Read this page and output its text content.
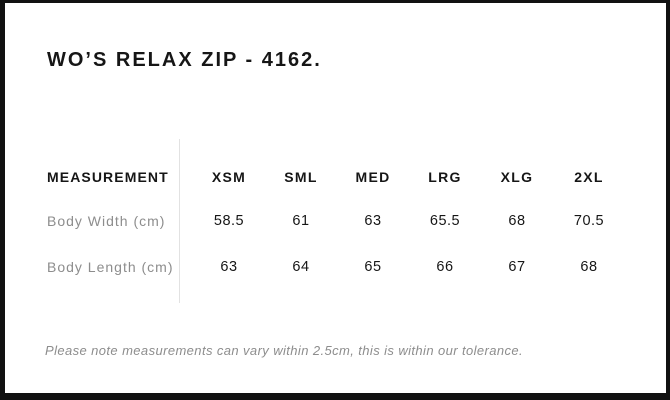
WO’S RELAX ZIP - 4162.
MEASUREMENT	XSM	SML	MED	LRG	XLG	2XL
Body Width (cm)	58.5	61	63	65.5	68	70.5
Body Length (cm)	63	64	65	66	67	68

Please note measurements can vary within 2.5cm, this is within our tolerance.
